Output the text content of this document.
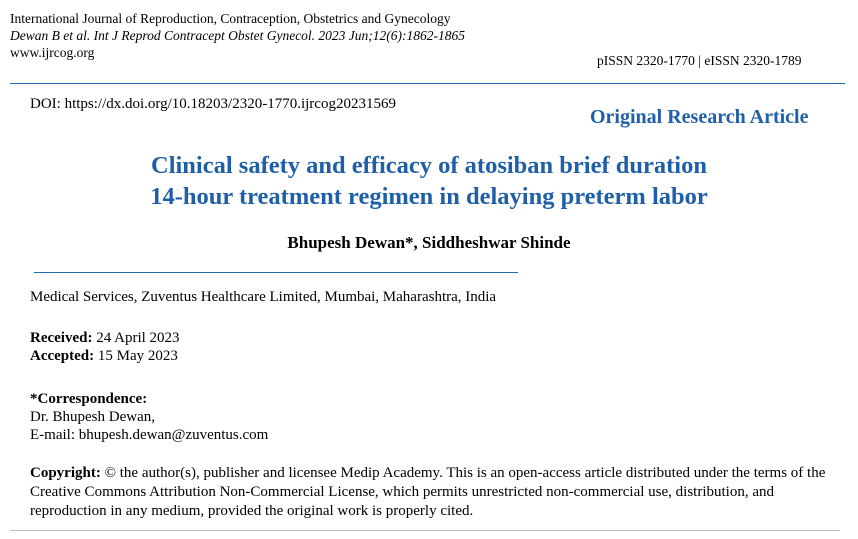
International Journal of Reproduction, Contraception, Obstetrics and Gynecology
Dewan B et al. Int J Reprod Contracept Obstet Gynecol. 2023 Jun;12(6):1862-1865
www.ijrcog.org
pISSN 2320-1770 | eISSN 2320-1789
DOI: https://dx.doi.org/10.18203/2320-1770.ijrcog20231569
Original Research Article
Clinical safety and efficacy of atosiban brief duration
14-hour treatment regimen in delaying preterm labor
Bhupesh Dewan*, Siddheshwar Shinde
Medical Services, Zuventus Healthcare Limited, Mumbai, Maharashtra, India
Received: 24 April 2023
Accepted: 15 May 2023
*Correspondence:
Dr. Bhupesh Dewan,
E-mail: bhupesh.dewan@zuventus.com
Copyright: © the author(s), publisher and licensee Medip Academy. This is an open-access article distributed under the terms of the Creative Commons Attribution Non-Commercial License, which permits unrestricted non-commercial use, distribution, and reproduction in any medium, provided the original work is properly cited.
